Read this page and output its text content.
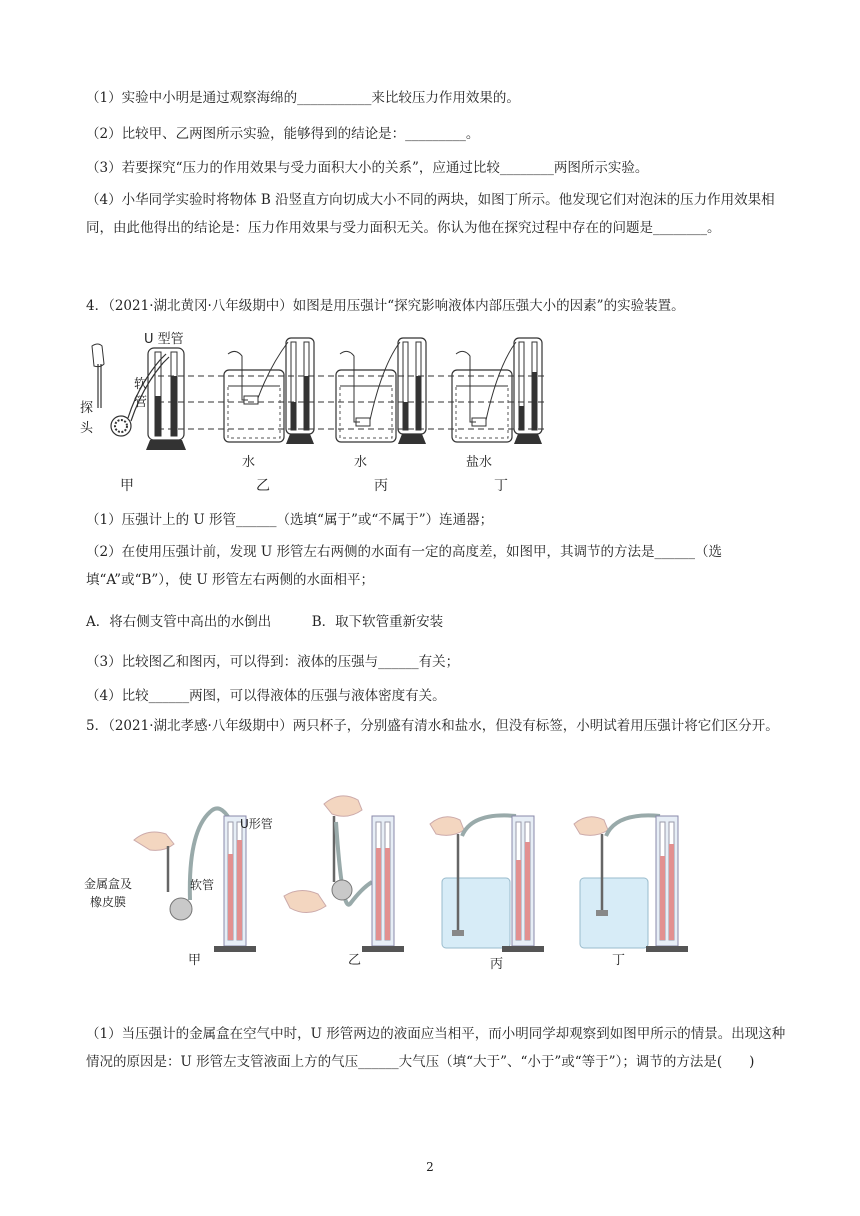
（1）实验中小明是通过观察海绵的___________来比较压力作用效果的。
（2）比较甲、乙两图所示实验，能够得到的结论是：_________。
（3）若要探究“压力的作用效果与受力面积大小的关系”，应通过比较________两图所示实验。
（4）小华同学实验时将物体 B 沿竖直方向切成大小不同的两块，如图丁所示。他发现它们对泡沫的压力作用效果相同，由此他得出的结论是：压力作用效果与受力面积无关。你认为他在探究过程中存在的问题是________。
4．（2021·湖北黄冈·八年级期中）如图是用压强计“探究影响液体内部压强大小的因素”的实验装置。
U 型管
软
管
探
头
水	水	盐水
甲	乙	丙	丁
（1）压强计上的 U 形管______（选填“属于”或“不属于”）连通器；
（2）在使用压强计前，发现 U 形管左右两侧的水面有一定的高度差，如图甲，其调节的方法是______（选填“A”或“B”），使 U 形管左右两侧的水面相平；
A．将右侧支管中高出的水倒出　　　B．取下软管重新安装
（3）比较图乙和图丙，可以得到：液体的压强与______有关；
（4）比较______两图，可以得液体的压强与液体密度有关。
5．（2021·湖北孝感·八年级期中）两只杯子，分别盛有清水和盐水，但没有标签，小明试着用压强计将它们区分开。
U形管
软管
金属盒及
橡皮膜
甲	乙	丙	丁
（1）当压强计的金属盒在空气中时，U 形管两边的液面应当相平，而小明同学却观察到如图甲所示的情景。出现这种情况的原因是：U 形管左支管液面上方的气压______大气压（填“大于”、“小于”或“等于”）；调节的方法是(　　)
2
